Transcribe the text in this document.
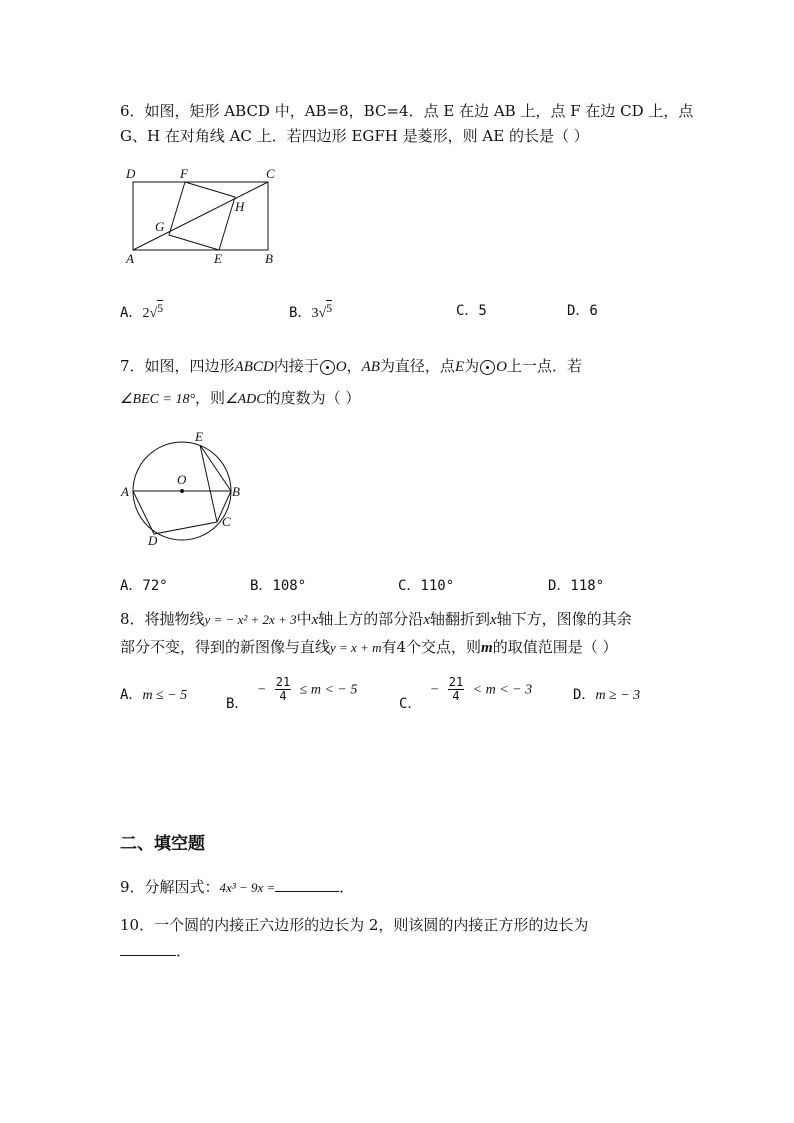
6．如图，矩形 ABCD 中，AB=8，BC=4．点 E 在边 AB 上，点 F 在边 CD 上，点
G、H 在对角线 AC 上．若四边形 EGFH 是菱形，则 AE 的长是（ ）
D	F	C
H
G
A	E	B
A．2√5	B．3√5	C．5	D．6
7．如图，四边形ABCD内接于 O，AB为直径，点E为 O上一点．若
∠BEC = 18°，则∠ADC的度数为（ ）
E
O
A	B
C
D
A．72°	B．108°	C．110°	D．118°
8．将抛物线y = − x² + 2x + 3中x轴上方的部分沿x轴翻折到x轴下方，图像的其余
部分不变，得到的新图像与直线y = x + m有4个交点，则m的取值范围是（ ）
A．m ≤ − 5	B． − $\frac{21}{4} \le m$ < − 5
C． − $\frac{21}{4} < m$ < − 3	D．m ≥ − 3
二、填空题
9．分解因式：4x³ − 9x =	．
10．一个圆的内接正六边形的边长为 2，则该圆的内接正方形的边长为
．
